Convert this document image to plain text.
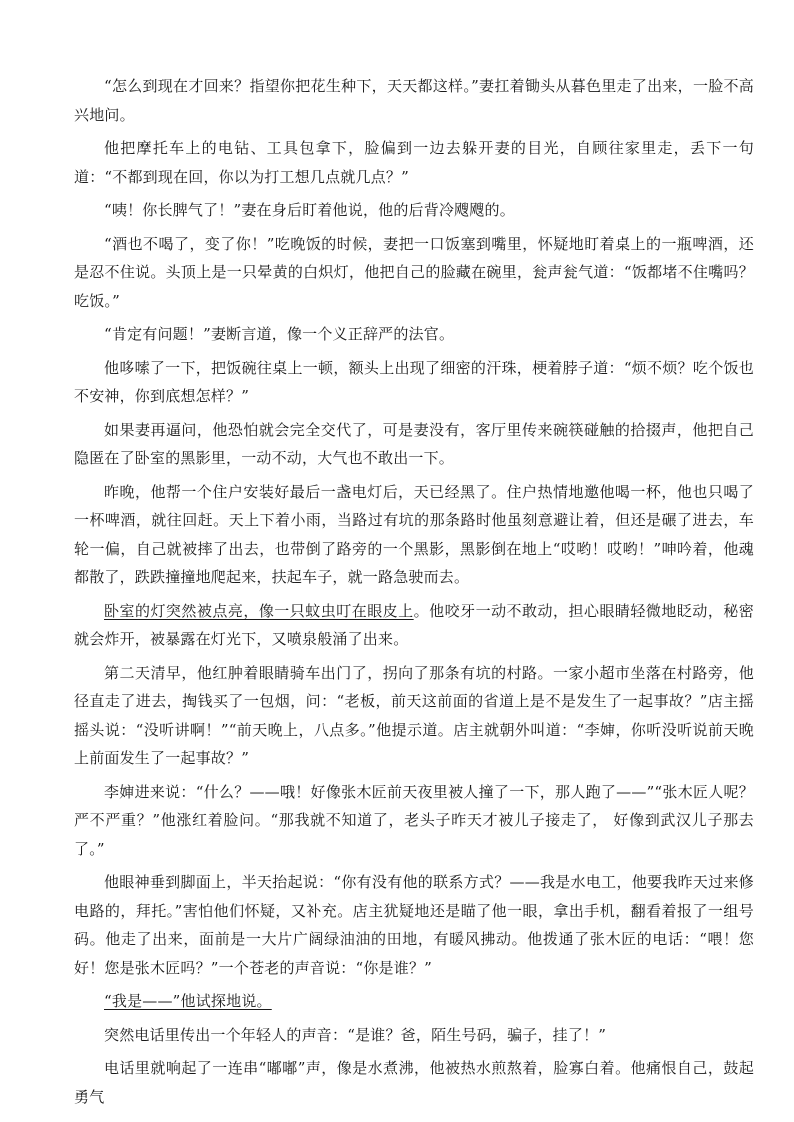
“怎么到现在才回来？指望你把花生种下，天天都这样。”妻扛着锄头从暮色里走了出来，一脸不高兴地问。

他把摩托车上的电钻、工具包拿下，脸偏到一边去躲开妻的目光，自顾往家里走，丢下一句道：“不都到现在回，你以为打工想几点就几点？”

“咦！你长脾气了！”妻在身后盯着他说，他的后背冷飕飕的。

“酒也不喝了，变了你！”吃晚饭的时候，妻把一口饭塞到嘴里，怀疑地盯着桌上的一瓶啤酒，还是忍不住说。头顶上是一只晕黄的白炽灯，他把自己的脸藏在碗里，瓮声瓮气道：“饭都堵不住嘴吗？吃饭。”

“肯定有问题！”妻断言道，像一个义正辞严的法官。

他哆嗦了一下，把饭碗往桌上一顿，额头上出现了细密的汗珠，梗着脖子道：“烦不烦？吃个饭也不安神，你到底想怎样？”

如果妻再逼问，他恐怕就会完全交代了，可是妻没有，客厅里传来碗筷碰触的拾掇声，他把自己隐匿在了卧室的黑影里，一动不动，大气也不敢出一下。

昨晚，他帮一个住户安装好最后一盏电灯后，天已经黑了。住户热情地邀他喝一杯，他也只喝了一杯啤酒，就往回赶。天上下着小雨，当路过有坑的那条路时他虽刻意避让着，但还是碾了进去，车轮一偏，自己就被摔了出去，也带倒了路旁的一个黑影，黑影倒在地上“哎哟！哎哟！”呻吟着，他魂都散了，跌跌撞撞地爬起来，扶起车子，就一路急驶而去。

卧室的灯突然被点亮，像一只蚊虫叮在眼皮上。他咬牙一动不敢动，担心眼睛轻微地眨动，秘密就会炸开，被暴露在灯光下，又喷泉般涌了出来。

第二天清早，他红肿着眼睛骑车出门了，拐向了那条有坑的村路。一家小超市坐落在村路旁，他径直走了进去，掏钱买了一包烟，问：“老板，前天这前面的省道上是不是发生了一起事故？”店主摇摇头说：“没听讲啊！”“前天晚上，八点多。”他提示道。店主就朝外叫道：“李婶，你听没听说前天晚上前面发生了一起事故？”

李婶进来说：“什么？——哦！好像张木匠前天夜里被人撞了一下，那人跑了——”“张木匠人呢？严不严重？”他涨红着脸问。“那我就不知道了，老头子昨天才被儿子接走了， 好像到武汉儿子那去了。”

他眼神垂到脚面上，半天抬起说：“你有没有他的联系方式？——我是水电工，他要我昨天过来修电路的，拜托。”害怕他们怀疑，又补充。店主犹疑地还是瞄了他一眼，拿出手机，翻看着报了一组号码。他走了出来，面前是一大片广阔绿油油的田地，有暖风拂动。他拨通了张木匠的电话：“喂！您好！您是张木匠吗？”一个苍老的声音说：“你是谁？”

“我是——”他试探地说。

突然电话里传出一个年轻人的声音：“是谁？爸，陌生号码，骗子，挂了！”

电话里就响起了一连串“嘟嘟”声，像是水煮沸，他被热水煎熬着，脸寡白着。他痛恨自己，鼓起勇气
